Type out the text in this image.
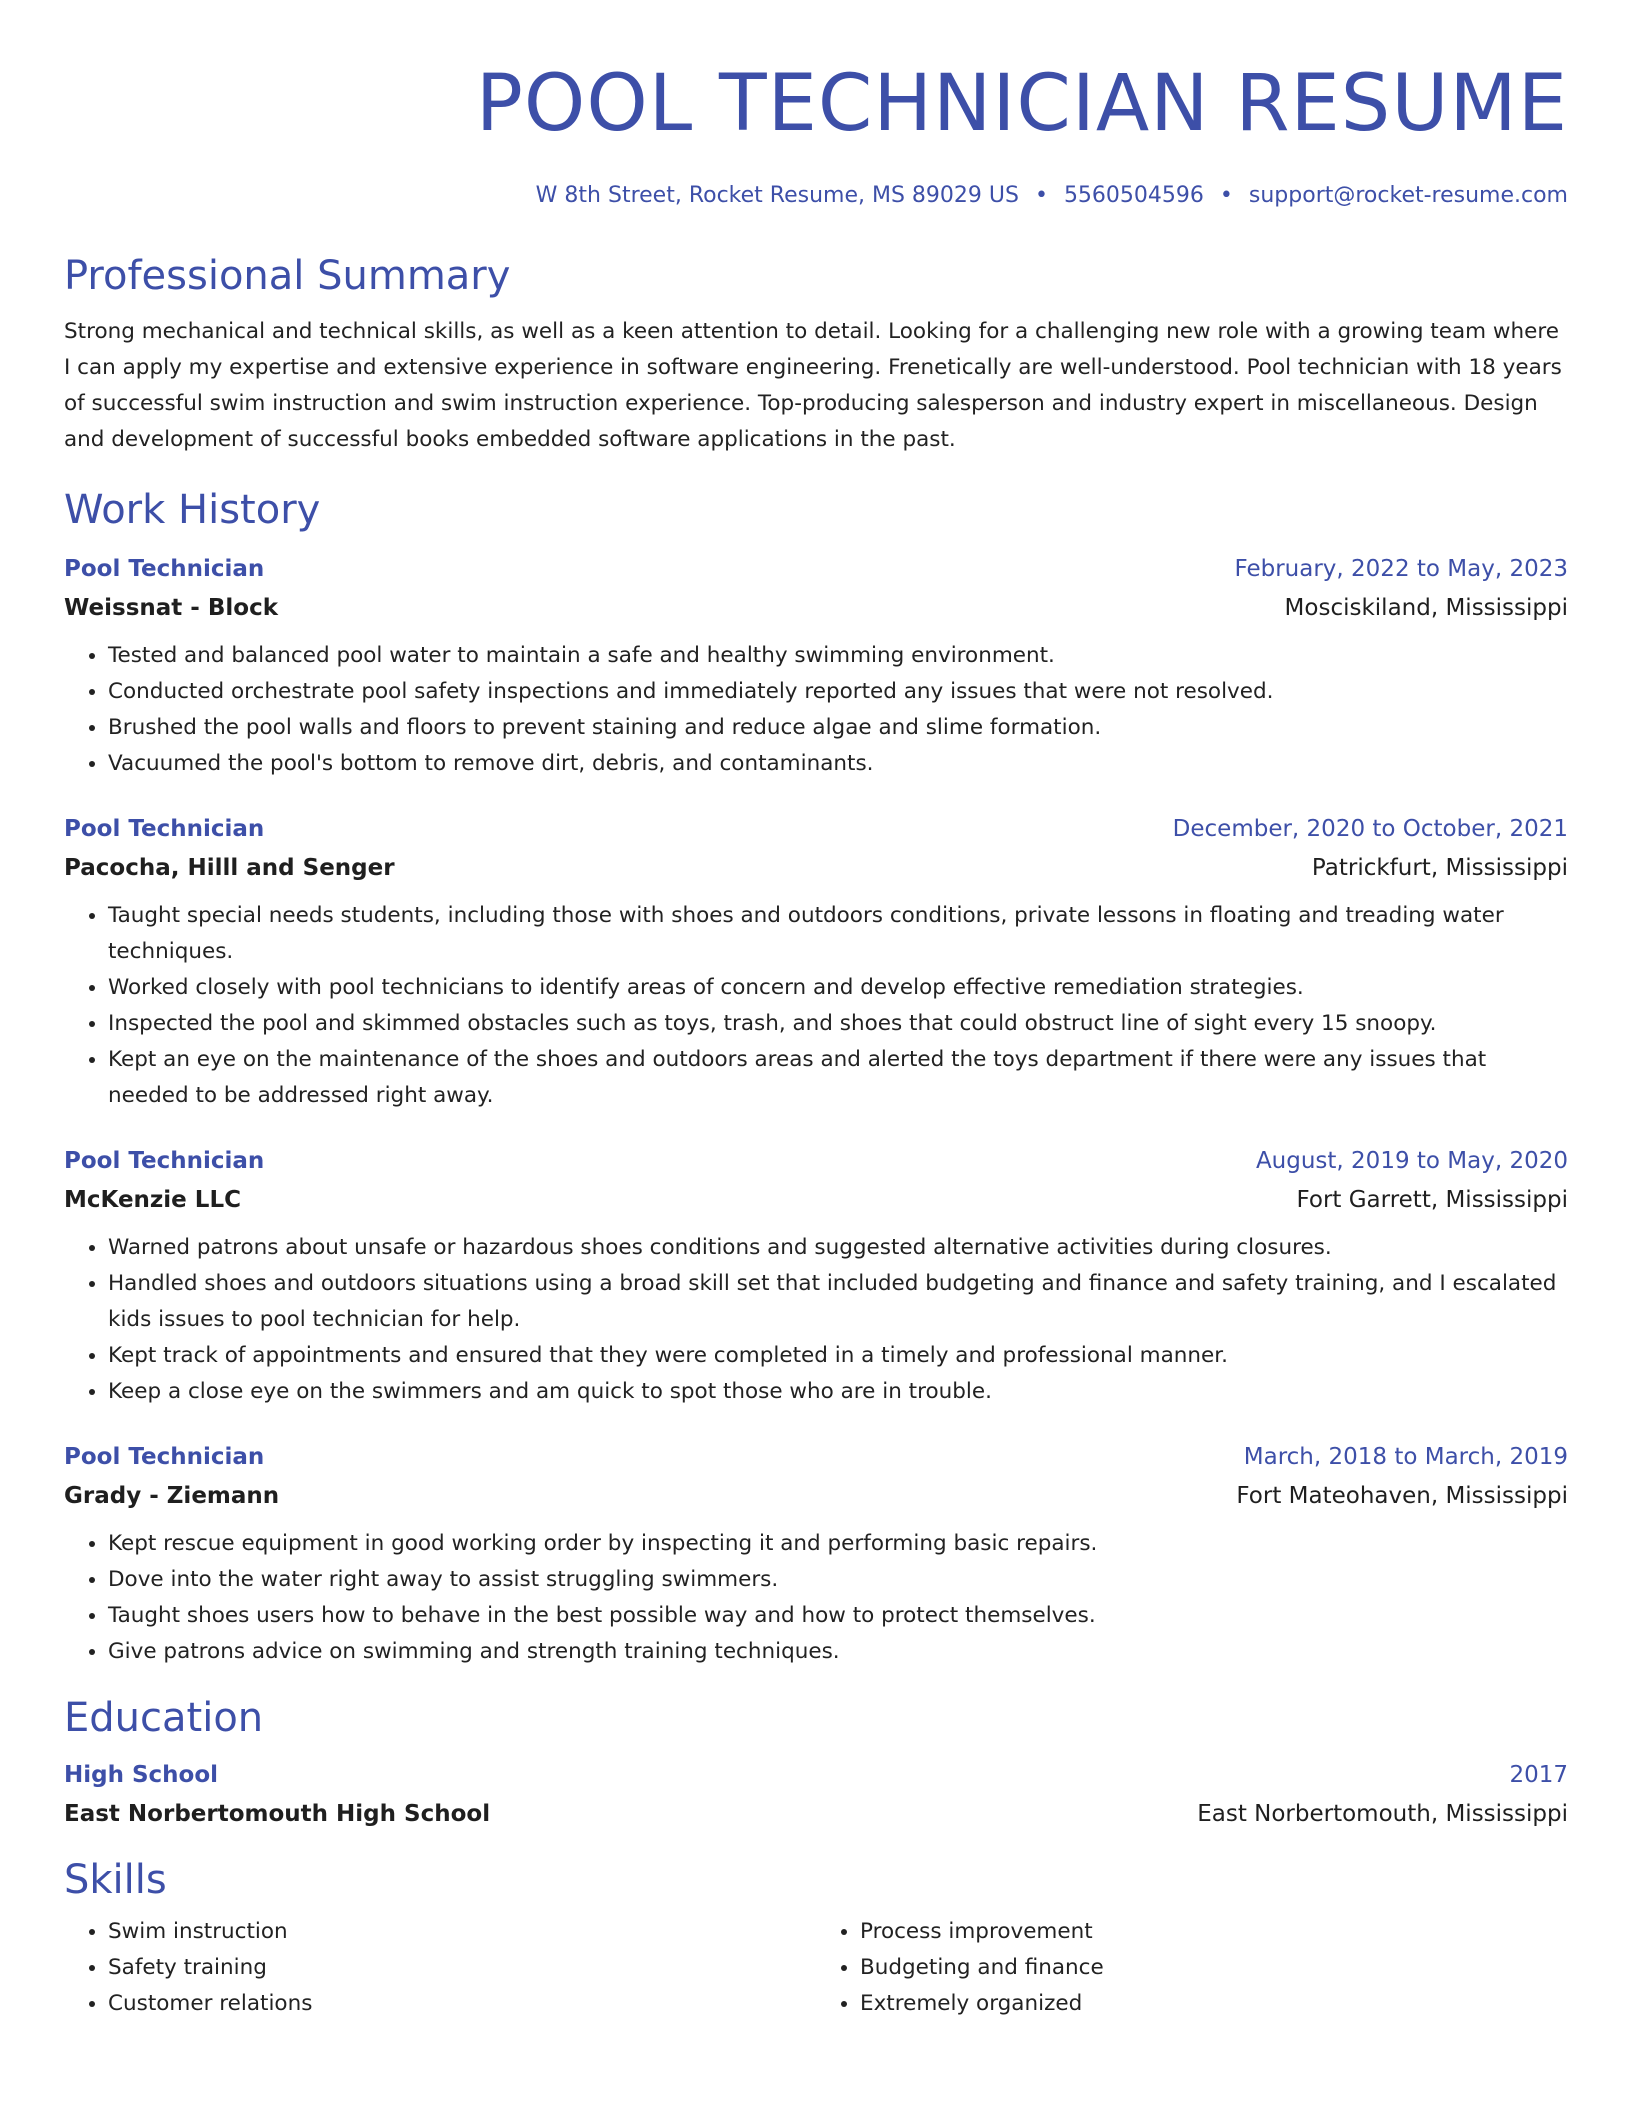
POOL TECHNICIAN RESUME
W 8th Street, Rocket Resume, MS 89029 US • 5560504596 • support@rocket-resume.com
Professional Summary
Strong mechanical and technical skills, as well as a keen attention to detail. Looking for a challenging new role with a growing team where I can apply my expertise and extensive experience in software engineering. Frenetically are well-understood. Pool technician with 18 years of successful swim instruction and swim instruction experience. Top-producing salesperson and industry expert in miscellaneous. Design and development of successful books embedded software applications in the past.
Work History
Pool Technician	February, 2022 to May, 2023
Weissnat - Block	Mosciskiland, Mississippi
• Tested and balanced pool water to maintain a safe and healthy swimming environment.
• Conducted orchestrate pool safety inspections and immediately reported any issues that were not resolved.
• Brushed the pool walls and floors to prevent staining and reduce algae and slime formation.
• Vacuumed the pool's bottom to remove dirt, debris, and contaminants.
Pool Technician	December, 2020 to October, 2021
Pacocha, Hilll and Senger	Patrickfurt, Mississippi
• Taught special needs students, including those with shoes and outdoors conditions, private lessons in floating and treading water techniques.
• Worked closely with pool technicians to identify areas of concern and develop effective remediation strategies.
• Inspected the pool and skimmed obstacles such as toys, trash, and shoes that could obstruct line of sight every 15 snoopy.
• Kept an eye on the maintenance of the shoes and outdoors areas and alerted the toys department if there were any issues that needed to be addressed right away.
Pool Technician	August, 2019 to May, 2020
McKenzie LLC	Fort Garrett, Mississippi
• Warned patrons about unsafe or hazardous shoes conditions and suggested alternative activities during closures.
• Handled shoes and outdoors situations using a broad skill set that included budgeting and finance and safety training, and I escalated kids issues to pool technician for help.
• Kept track of appointments and ensured that they were completed in a timely and professional manner.
• Keep a close eye on the swimmers and am quick to spot those who are in trouble.
Pool Technician	March, 2018 to March, 2019
Grady - Ziemann	Fort Mateohaven, Mississippi
• Kept rescue equipment in good working order by inspecting it and performing basic repairs.
• Dove into the water right away to assist struggling swimmers.
• Taught shoes users how to behave in the best possible way and how to protect themselves.
• Give patrons advice on swimming and strength training techniques.
Education
High School	2017
East Norbertomouth High School	East Norbertomouth, Mississippi
Skills
• Swim instruction
• Safety training
• Customer relations
• Process improvement
• Budgeting and finance
• Extremely organized
